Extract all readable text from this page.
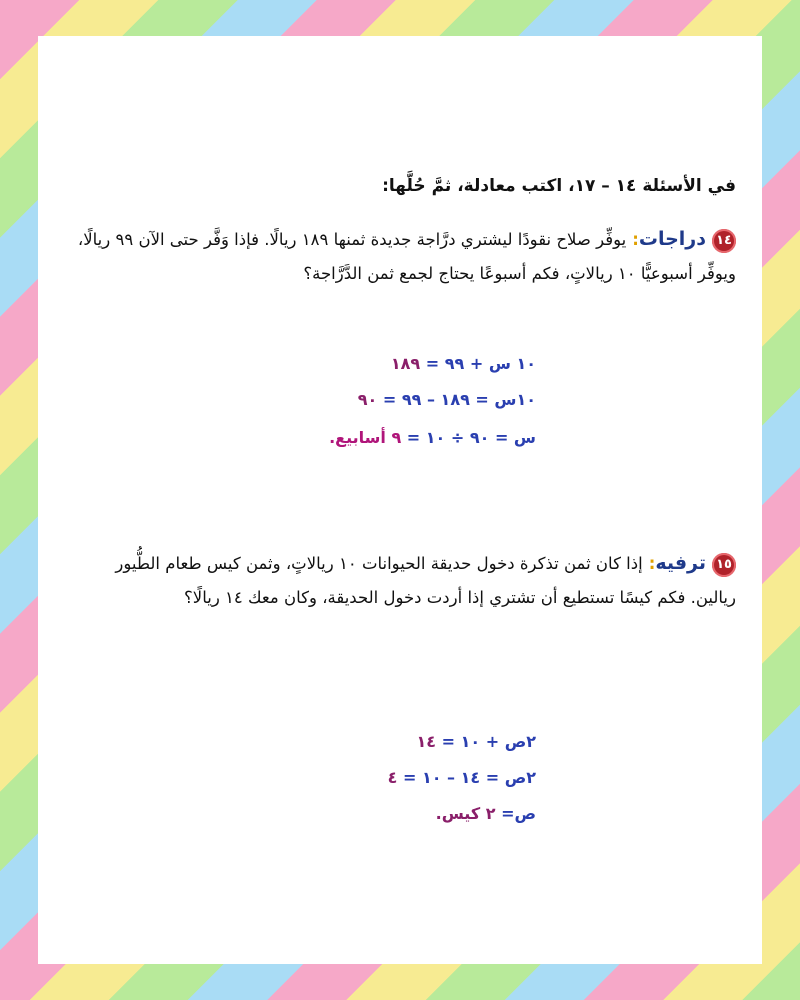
في الأسئلة ١٤ – ١٧، اكتب معادلة، ثمَّ حُلَّها:

١٤دراجات:يوفِّر صلاح نقودًا ليشتري درَّاجة جديدة ثمنها ١٨٩ ريالًا. فإذا وَفَّر حتى الآن ٩٩ ريالًا، ويوفِّر أسبوعيًّا ١٠ ريالاتٍ، فكم أسبوعًا يحتاج لجمع ثمن الدَّرَّاجة؟
١٠ س + ٩٩ = ١٨٩
١٠س = ١٨٩ – ٩٩ = ٩٠
س = ٩٠ ÷ ١٠ = ٩ أسابيع.
١٥ترفيه:إذا كان ثمن تذكرة دخول حديقة الحيوانات ١٠ ريالاتٍ، وثمن كيس طعام الطُّيور ريالين. فكم كيسًا تستطيع أن تشتري إذا أردت دخول الحديقة، وكان معك ١٤ ريالًا؟
٢ص + ١٠ = ١٤
٢ص = ١٤ – ١٠ = ٤
ص= ٢ كيس.
